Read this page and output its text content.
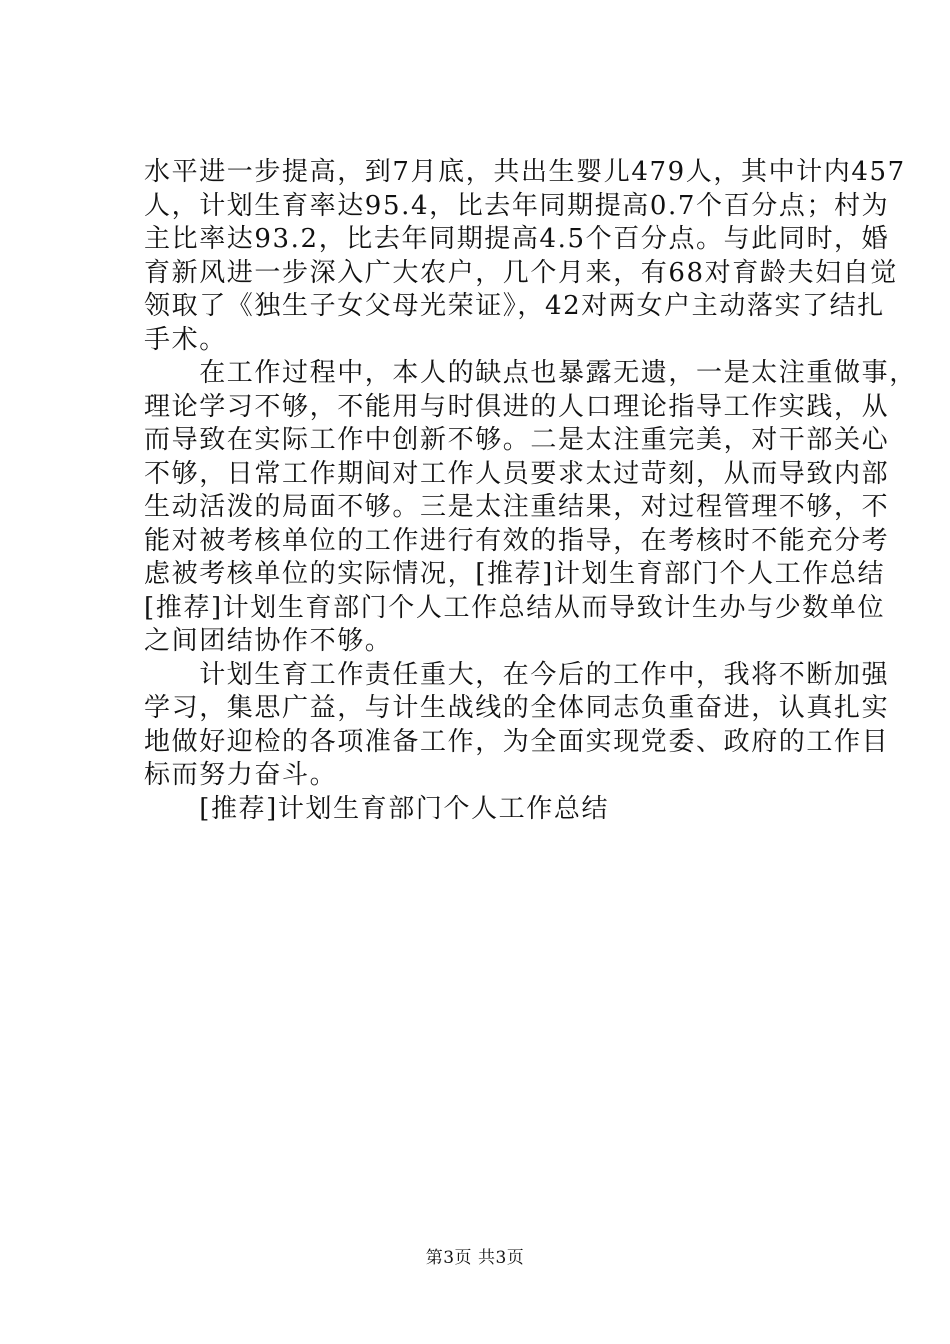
水平进一步提高，到7月底，共出生婴儿479人，其中计内457
人，计划生育率达95.4，比去年同期提高0.7个百分点；村为
主比率达93.2，比去年同期提高4.5个百分点。与此同时，婚
育新风进一步深入广大农户，几个月来，有68对育龄夫妇自觉
领取了《独生子女父母光荣证》，42对两女户主动落实了结扎
手术。
　　在工作过程中，本人的缺点也暴露无遗，一是太注重做事，
理论学习不够，不能用与时俱进的人口理论指导工作实践，从
而导致在实际工作中创新不够。二是太注重完美，对干部关心
不够，日常工作期间对工作人员要求太过苛刻，从而导致内部
生动活泼的局面不够。三是太注重结果，对过程管理不够，不
能对被考核单位的工作进行有效的指导，在考核时不能充分考
虑被考核单位的实际情况，[推荐]计划生育部门个人工作总结
[推荐]计划生育部门个人工作总结从而导致计生办与少数单位
之间团结协作不够。
　　计划生育工作责任重大，在今后的工作中，我将不断加强
学习，集思广益，与计生战线的全体同志负重奋进，认真扎实
地做好迎检的各项准备工作，为全面实现党委、政府的工作目
标而努力奋斗。
　　[推荐]计划生育部门个人工作总结
第3页 共3页
